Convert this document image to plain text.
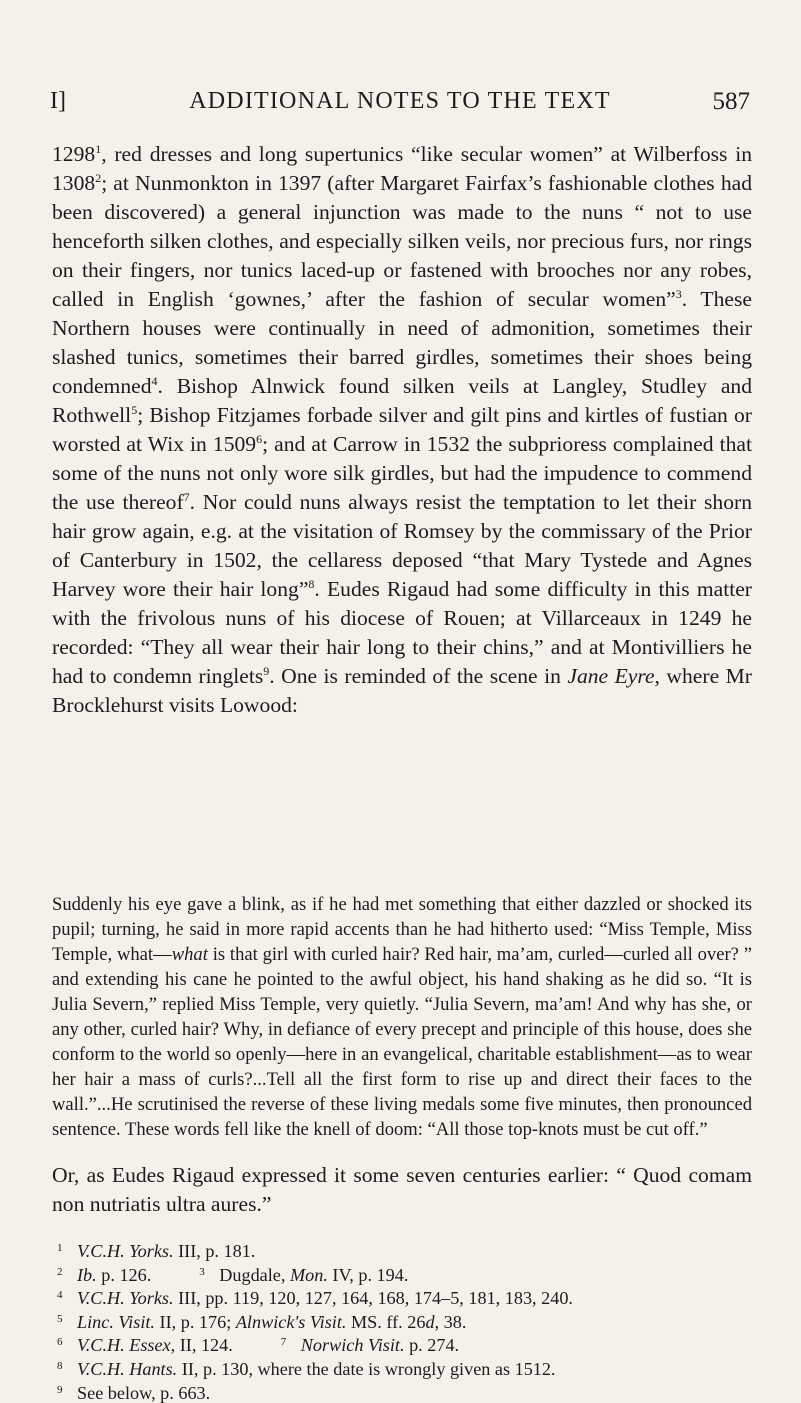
I]	ADDITIONAL NOTES TO THE TEXT	587

1298$^1$, red dresses and long supertunics “like secular women” at Wilberfoss in 1308$^2$; at Nunmonkton in 1397 (after Margaret Fairfax’s fashionable clothes had been discovered) a general injunction was made to the nuns “ not to use henceforth silken clothes, and especially silken veils, nor precious furs, nor rings on their fingers, nor tunics laced-up or fastened with brooches nor any robes, called in English ‘gownes,’ after the fashion of secular women”$^3$. These Northern houses were continually in need of admonition, sometimes their slashed tunics, sometimes their barred girdles, sometimes their shoes being condemned$^4$. Bishop Alnwick found silken veils at Langley, Studley and Rothwell$^5$; Bishop Fitzjames forbade silver and gilt pins and kirtles of fustian or worsted at Wix in 1509$^6$; and at Carrow in 1532 the subprioress complained that some of the nuns not only wore silk girdles, but had the impudence to commend the use thereof$^7$. Nor could nuns always resist the temptation to let their shorn hair grow again, e.g. at the visitation of Romsey by the commissary of the Prior of Canterbury in 1502, the cellaress deposed “that Mary Tystede and Agnes Harvey wore their hair long”$^8$. Eudes Rigaud had some difficulty in this matter with the frivolous nuns of his diocese of Rouen; at Villarceaux in 1249 he recorded: “They all wear their hair long to their chins,” and at Montivilliers he had to condemn ringlets$^9$. One is reminded of the scene in Jane Eyre, where Mr Brocklehurst visits Lowood:

Suddenly his eye gave a blink, as if he had met something that either dazzled or shocked its pupil; turning, he said in more rapid accents than he had hitherto used: “Miss Temple, Miss Temple, what—what is that girl with curled hair? Red hair, ma’am, curled—curled all over? ” and extending his cane he pointed to the awful object, his hand shaking as he did so. “It is Julia Severn,” replied Miss Temple, very quietly. “Julia Severn, ma’am! And why has she, or any other, curled hair? Why, in defiance of every precept and principle of this house, does she conform to the world so openly—here in an evangelical, charitable establishment—as to wear her hair a mass of curls?...Tell all the first form to rise up and direct their faces to the wall.”...He scrutinised the reverse of these living medals some five minutes, then pronounced sentence. These words fell like the knell of doom: “All those top-knots must be cut off.”

Or, as Eudes Rigaud expressed it some seven centuries earlier: “ Quod comam non nutriatis ultra aures.”

1 V.C.H. Yorks. III, p. 181.
2 Ib. p. 126.	3 Dugdale, Mon. IV, p. 194.
4 V.C.H. Yorks. III, pp. 119, 120, 127, 164, 168, 174–5, 181, 183, 240.
5 Linc. Visit. II, p. 176; Alnwick's Visit. MS. ff. 26d, 38.
6 V.C.H. Essex, II, 124.	7 Norwich Visit. p. 274.
8 V.C.H. Hants. II, p. 130, where the date is wrongly given as 1512.
9 See below, p. 663.
